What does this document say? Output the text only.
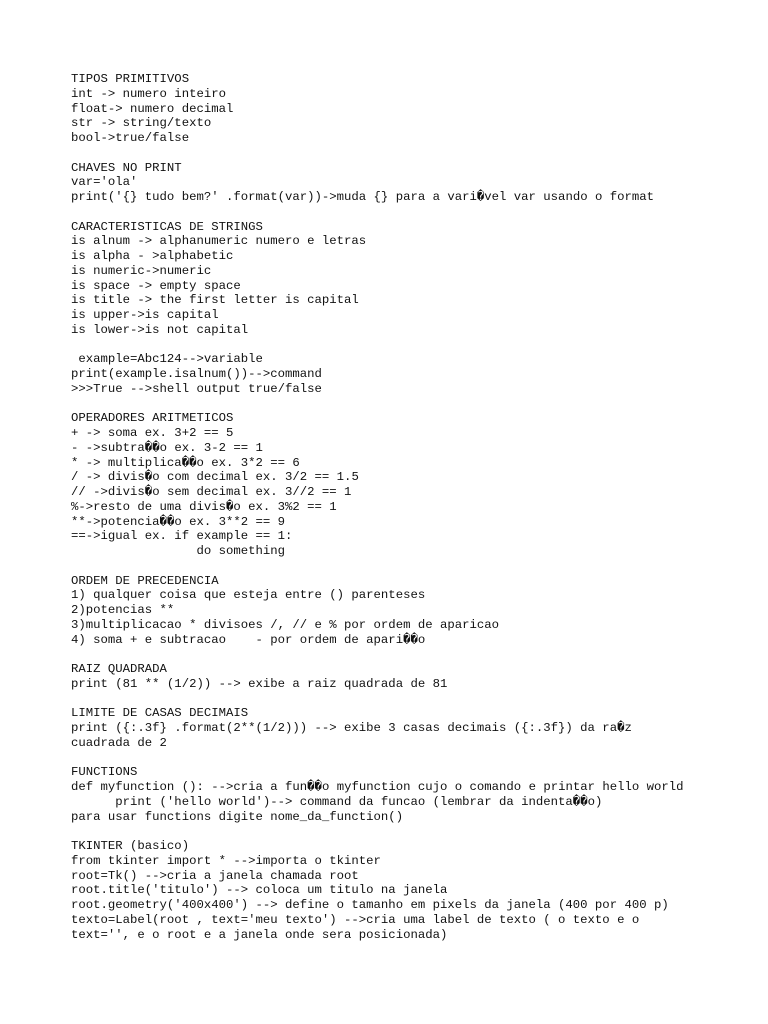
TIPOS PRIMITIVOS
int -> numero inteiro
float-> numero decimal
str -> string/texto
bool->true/false
CHAVES NO PRINT
var='ola'
print('{} tudo bem?' .format(var))->muda {} para a vari�vel var usando o format
CARACTERISTICAS DE STRINGS
is alnum -> alphanumeric numero e letras
is alpha - >alphabetic
is numeric->numeric
is space -> empty space
is title -> the first letter is capital
is upper->is capital
is lower->is not capital
example=Abc124-->variable
print(example.isalnum())-->command
>>>True -->shell output true/false
OPERADORES ARITMETICOS
+ -> soma ex. 3+2 == 5
- ->subtra��o ex. 3-2 == 1
* -> multiplica��o ex. 3*2 == 6
/ -> divis�o com decimal ex. 3/2 == 1.5
// ->divis�o sem decimal ex. 3//2 == 1
%->resto de uma divis�o ex. 3%2 == 1
**->potencia��o ex. 3**2 == 9
==->igual ex. if example == 1:
do something
ORDEM DE PRECEDENCIA
1) qualquer coisa que esteja entre () parenteses
2)potencias **
3)multiplicacao * divisoes /, // e % por ordem de aparicao
4) soma + e subtracao    - por ordem de apari��o
RAIZ QUADRADA
print (81 ** (1/2)) --> exibe a raiz quadrada de 81
LIMITE DE CASAS DECIMAIS
print ({:.3f} .format(2**(1/2))) --> exibe 3 casas decimais ({:.3f}) da ra�z
cuadrada de 2
FUNCTIONS
def myfunction (): -->cria a fun��o myfunction cujo o comando e printar hello world
print ('hello world')--> command da funcao (lembrar da indenta��o)
para usar functions digite nome_da_function()
TKINTER (basico)
from tkinter import * -->importa o tkinter
root=Tk() -->cria a janela chamada root
root.title('titulo') --> coloca um titulo na janela
root.geometry('400x400') --> define o tamanho em pixels da janela (400 por 400 p)
texto=Label(root , text='meu texto') -->cria uma label de texto ( o texto e o
text='', e o root e a janela onde sera posicionada)
